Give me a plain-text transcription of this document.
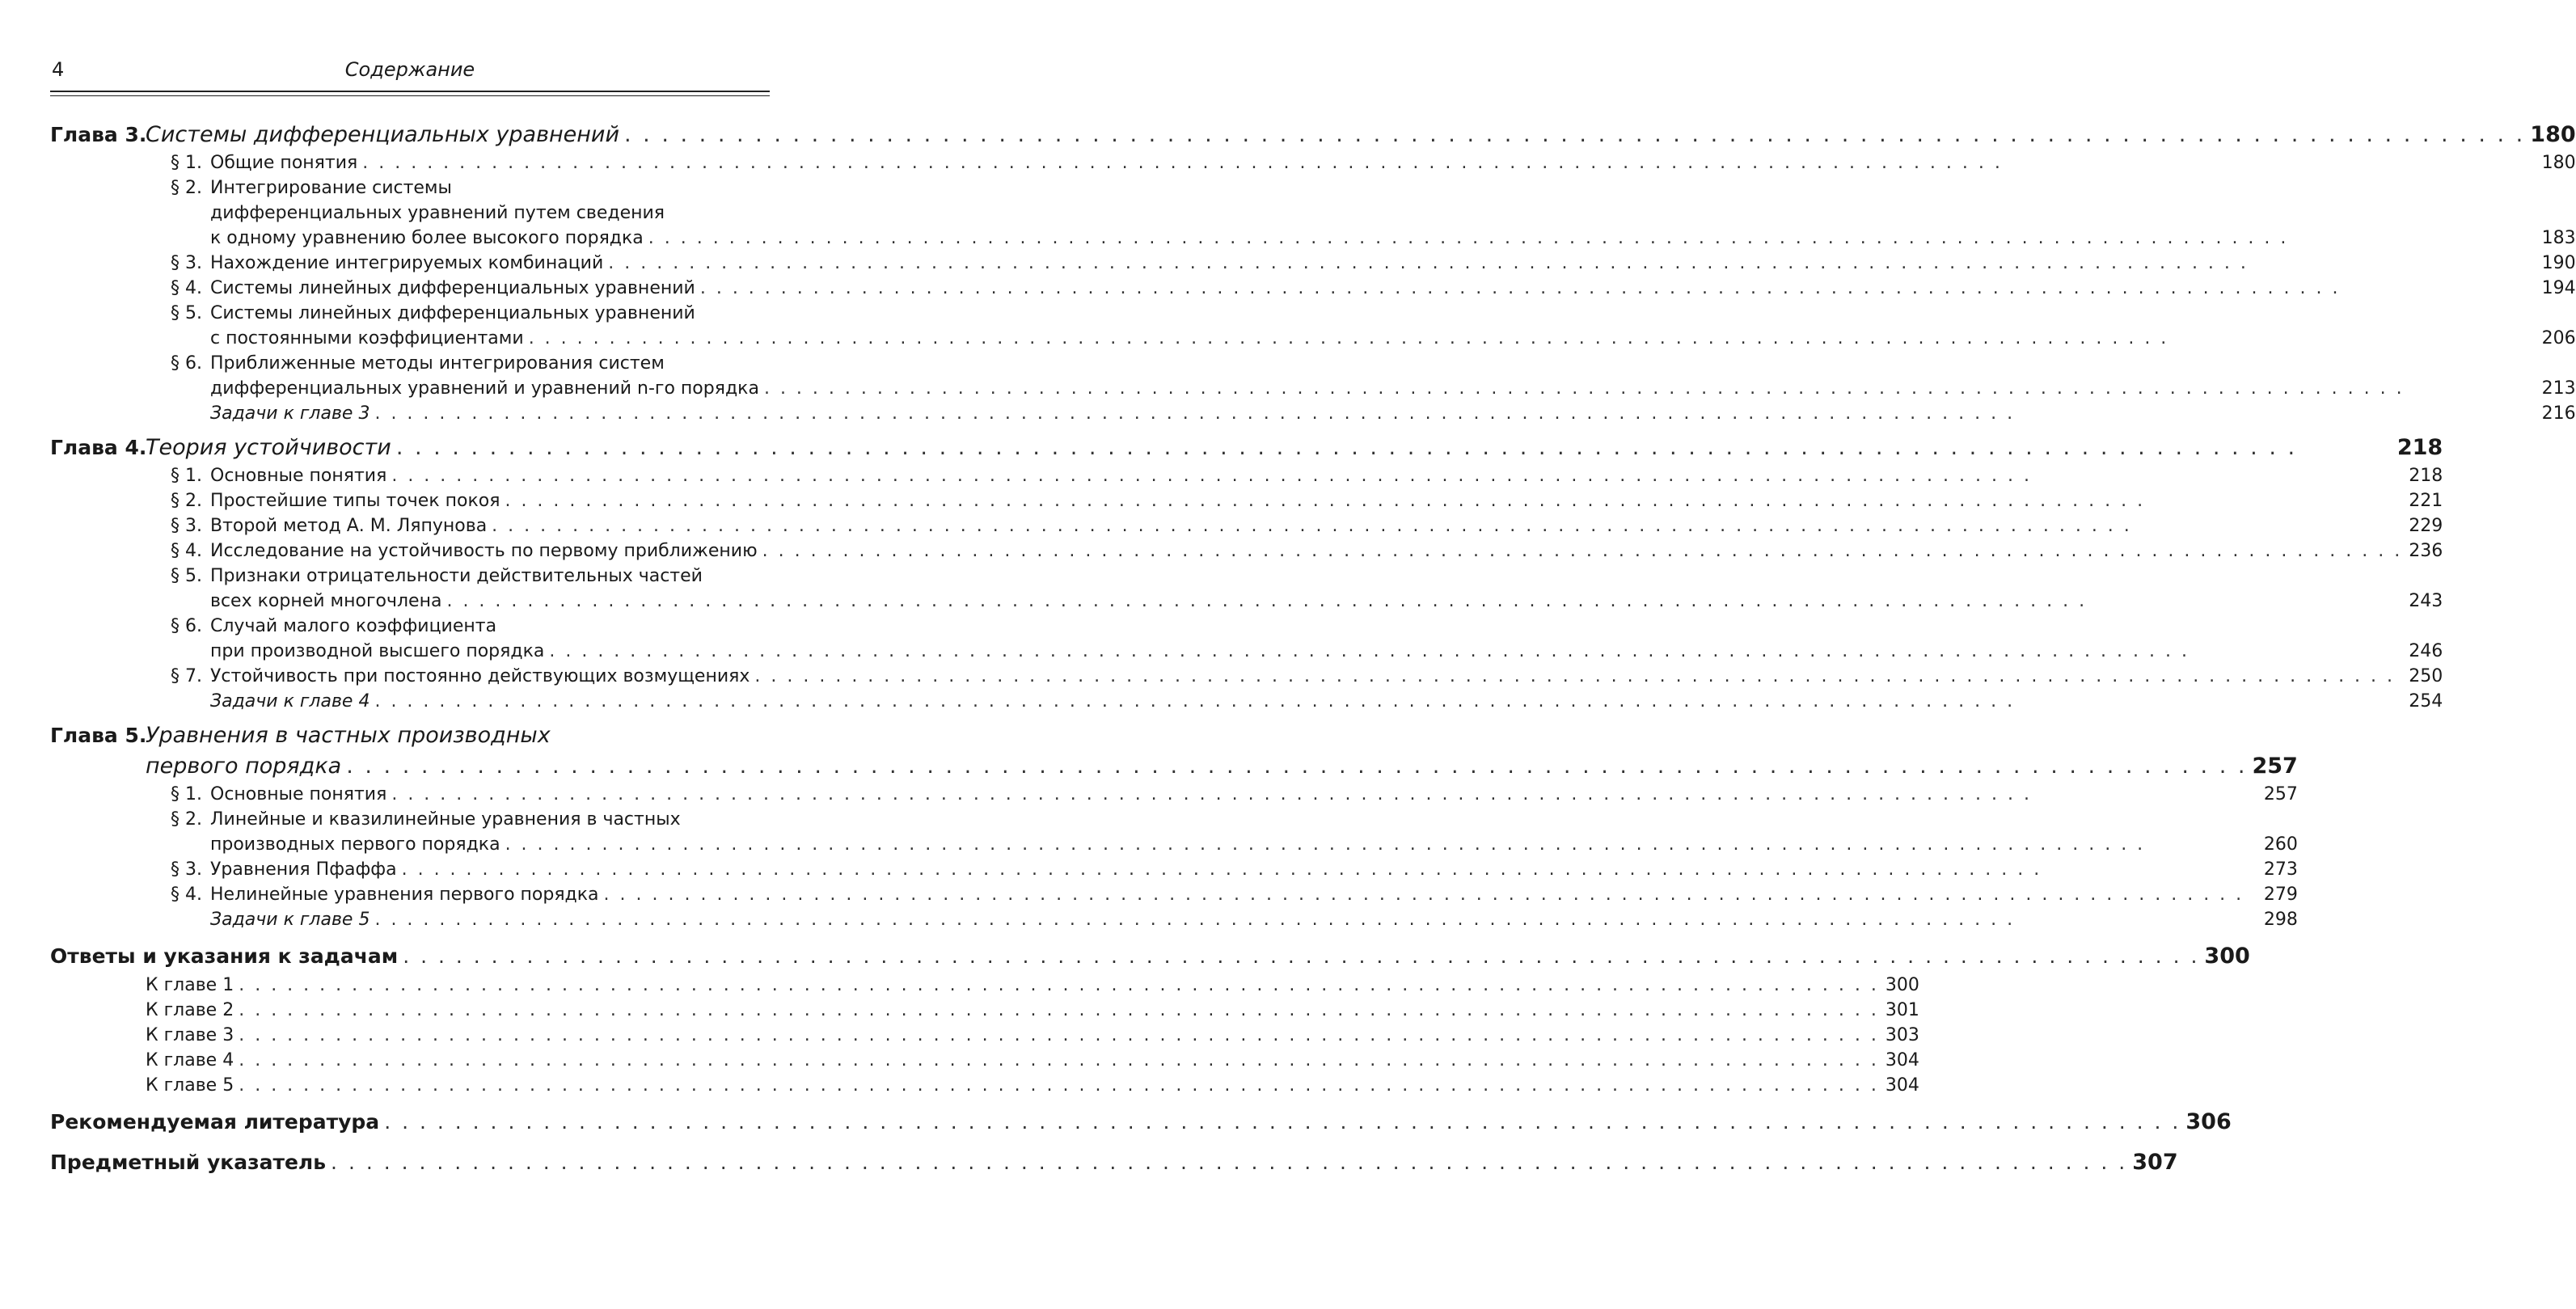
4	Содержание
Глава 3.
Системы дифференциальных уравнений . . . . . . . . . . . . . . . . . . . . . . . . . . . . . . . . . . . . . . . . . . . . . . . . . . . . . . . . . . . . . . . . . . . . . . . . . . . . . . . . . . . . . . . . . . . . . . . . . . . . . . 180
§ 1. Общие понятия . . . . . . . . . . . . . . . . . . . . . . . . . . . . . . . . . . . . . . . . . . . . . . . . . . . . . . . . . . . . . . . . . . . . . . . . . . . . . . . . . . . . . . . . . . . . . . . . . . . . . .	180
§ 2. Интегрирование системы
дифференциальных уравнений путем сведения
к одному уравнению более высокого порядка . . . . . . . . . . . . . . . . . . . . . . . . . . . . . . . . . . . . . . . . . . . . . . . . . . . . . . . . . . . . . . . . . . . . . . . . . . . . . . . . . . . . . . . . . . . . . . . . . . . . . .	183
§ 3. Нахождение интегрируемых комбинаций . . . . . . . . . . . . . . . . . . . . . . . . . . . . . . . . . . . . . . . . . . . . . . . . . . . . . . . . . . . . . . . . . . . . . . . . . . . . . . . . . . . . . . . . . . . . . . . . . . . . . .	190
§ 4. Системы линейных дифференциальных уравнений . . . . . . . . . . . . . . . . . . . . . . . . . . . . . . . . . . . . . . . . . . . . . . . . . . . . . . . . . . . . . . . . . . . . . . . . . . . . . . . . . . . . . . . . . . . . . . . . . . . . . .	194
§ 5. Системы линейных дифференциальных уравнений
с постоянными коэффициентами . . . . . . . . . . . . . . . . . . . . . . . . . . . . . . . . . . . . . . . . . . . . . . . . . . . . . . . . . . . . . . . . . . . . . . . . . . . . . . . . . . . . . . . . . . . . . . . . . . . . . .	206
§ 6. Приближенные методы интегрирования систем
дифференциальных уравнений и уравнений n-го порядка . . . . . . . . . . . . . . . . . . . . . . . . . . . . . . . . . . . . . . . . . . . . . . . . . . . . . . . . . . . . . . . . . . . . . . . . . . . . . . . . . . . . . . . . . . . . . . . . . . . . . .	213
Задачи к главе 3 . . . . . . . . . . . . . . . . . . . . . . . . . . . . . . . . . . . . . . . . . . . . . . . . . . . . . . . . . . . . . . . . . . . . . . . . . . . . . . . . . . . . . . . . . . . . . . . . . . . . . .	216
Глава 4.
Теория устойчивости . . . . . . . . . . . . . . . . . . . . . . . . . . . . . . . . . . . . . . . . . . . . . . . . . . . . . . . . . . . . . . . . . . . . . . . . . . . . . . . . . . . . . . . . . . . . . . . . . . . . . .	218
§ 1. Основные понятия . . . . . . . . . . . . . . . . . . . . . . . . . . . . . . . . . . . . . . . . . . . . . . . . . . . . . . . . . . . . . . . . . . . . . . . . . . . . . . . . . . . . . . . . . . . . . . . . . . . . . .	218
§ 2. Простейшие типы точек покоя . . . . . . . . . . . . . . . . . . . . . . . . . . . . . . . . . . . . . . . . . . . . . . . . . . . . . . . . . . . . . . . . . . . . . . . . . . . . . . . . . . . . . . . . . . . . . . . . . . . . . .	221
§ 3. Второй метод А. М. Ляпунова . . . . . . . . . . . . . . . . . . . . . . . . . . . . . . . . . . . . . . . . . . . . . . . . . . . . . . . . . . . . . . . . . . . . . . . . . . . . . . . . . . . . . . . . . . . . . . . . . . . . . .	229
§ 4. Исследование на устойчивость по первому приближению . . . . . . . . . . . . . . . . . . . . . . . . . . . . . . . . . . . . . . . . . . . . . . . . . . . . . . . . . . . . . . . . . . . . . . . . . . . . . . . . . . . . . . . . . . . . . . . . . . . . . . 236
§ 5. Признаки отрицательности действительных частей
всех корней многочлена . . . . . . . . . . . . . . . . . . . . . . . . . . . . . . . . . . . . . . . . . . . . . . . . . . . . . . . . . . . . . . . . . . . . . . . . . . . . . . . . . . . . . . . . . . . . . . . . . . . . . .	243
§ 6. Случай малого коэффициента
при производной высшего порядка . . . . . . . . . . . . . . . . . . . . . . . . . . . . . . . . . . . . . . . . . . . . . . . . . . . . . . . . . . . . . . . . . . . . . . . . . . . . . . . . . . . . . . . . . . . . . . . . . . . . . .	246
§ 7. Устойчивость при постоянно действующих возмущениях . . . . . . . . . . . . . . . . . . . . . . . . . . . . . . . . . . . . . . . . . . . . . . . . . . . . . . . . . . . . . . . . . . . . . . . . . . . . . . . . . . . . . . . . . . . . . . . . . . . . . . 250
Задачи к главе 4 . . . . . . . . . . . . . . . . . . . . . . . . . . . . . . . . . . . . . . . . . . . . . . . . . . . . . . . . . . . . . . . . . . . . . . . . . . . . . . . . . . . . . . . . . . . . . . . . . . . . . .	254
Глава 5.
Уравнения в частных производных
первого порядка . . . . . . . . . . . . . . . . . . . . . . . . . . . . . . . . . . . . . . . . . . . . . . . . . . . . . . . . . . . . . . . . . . . . . . . . . . . . . . . . . . . . . . . . . . . . . . . . . . . . . . 257
§ 1. Основные понятия . . . . . . . . . . . . . . . . . . . . . . . . . . . . . . . . . . . . . . . . . . . . . . . . . . . . . . . . . . . . . . . . . . . . . . . . . . . . . . . . . . . . . . . . . . . . . . . . . . . . . .	257
§ 2. Линейные и квазилинейные уравнения в частных
производных первого порядка . . . . . . . . . . . . . . . . . . . . . . . . . . . . . . . . . . . . . . . . . . . . . . . . . . . . . . . . . . . . . . . . . . . . . . . . . . . . . . . . . . . . . . . . . . . . . . . . . . . . . .	260
§ 3. Уравнения Пфаффа . . . . . . . . . . . . . . . . . . . . . . . . . . . . . . . . . . . . . . . . . . . . . . . . . . . . . . . . . . . . . . . . . . . . . . . . . . . . . . . . . . . . . . . . . . . . . . . . . . . . . .	273
§ 4. Нелинейные уравнения первого порядка . . . . . . . . . . . . . . . . . . . . . . . . . . . . . . . . . . . . . . . . . . . . . . . . . . . . . . . . . . . . . . . . . . . . . . . . . . . . . . . . . . . . . . . . . . . . . . . . . . . . . .	279
Задачи к главе 5 . . . . . . . . . . . . . . . . . . . . . . . . . . . . . . . . . . . . . . . . . . . . . . . . . . . . . . . . . . . . . . . . . . . . . . . . . . . . . . . . . . . . . . . . . . . . . . . . . . . . . .	298
Ответы и указания к задачам . . . . . . . . . . . . . . . . . . . . . . . . . . . . . . . . . . . . . . . . . . . . . . . . . . . . . . . . . . . . . . . . . . . . . . . . . . . . . . . . . . . . . . . . . . . . . . . . . . . . . . 300
К главе 1 . . . . . . . . . . . . . . . . . . . . . . . . . . . . . . . . . . . . . . . . . . . . . . . . . . . . . . . . . . . . . . . . . . . . . . . . . . . . . . . . . . . . . . . . . . . . . . . . . . . . . . 300
К главе 2 . . . . . . . . . . . . . . . . . . . . . . . . . . . . . . . . . . . . . . . . . . . . . . . . . . . . . . . . . . . . . . . . . . . . . . . . . . . . . . . . . . . . . . . . . . . . . . . . . . . . . . 301
К главе 3 . . . . . . . . . . . . . . . . . . . . . . . . . . . . . . . . . . . . . . . . . . . . . . . . . . . . . . . . . . . . . . . . . . . . . . . . . . . . . . . . . . . . . . . . . . . . . . . . . . . . . . 303
К главе 4 . . . . . . . . . . . . . . . . . . . . . . . . . . . . . . . . . . . . . . . . . . . . . . . . . . . . . . . . . . . . . . . . . . . . . . . . . . . . . . . . . . . . . . . . . . . . . . . . . . . . . . 304
К главе 5 . . . . . . . . . . . . . . . . . . . . . . . . . . . . . . . . . . . . . . . . . . . . . . . . . . . . . . . . . . . . . . . . . . . . . . . . . . . . . . . . . . . . . . . . . . . . . . . . . . . . . . 304
Рекомендуемая литература . . . . . . . . . . . . . . . . . . . . . . . . . . . . . . . . . . . . . . . . . . . . . . . . . . . . . . . . . . . . . . . . . . . . . . . . . . . . . . . . . . . . . . . . . . . . . . . . . . . . . . 306
Предметный указатель . . . . . . . . . . . . . . . . . . . . . . . . . . . . . . . . . . . . . . . . . . . . . . . . . . . . . . . . . . . . . . . . . . . . . . . . . . . . . . . . . . . . . . . . . . . . . . . . . . . . . . 307
